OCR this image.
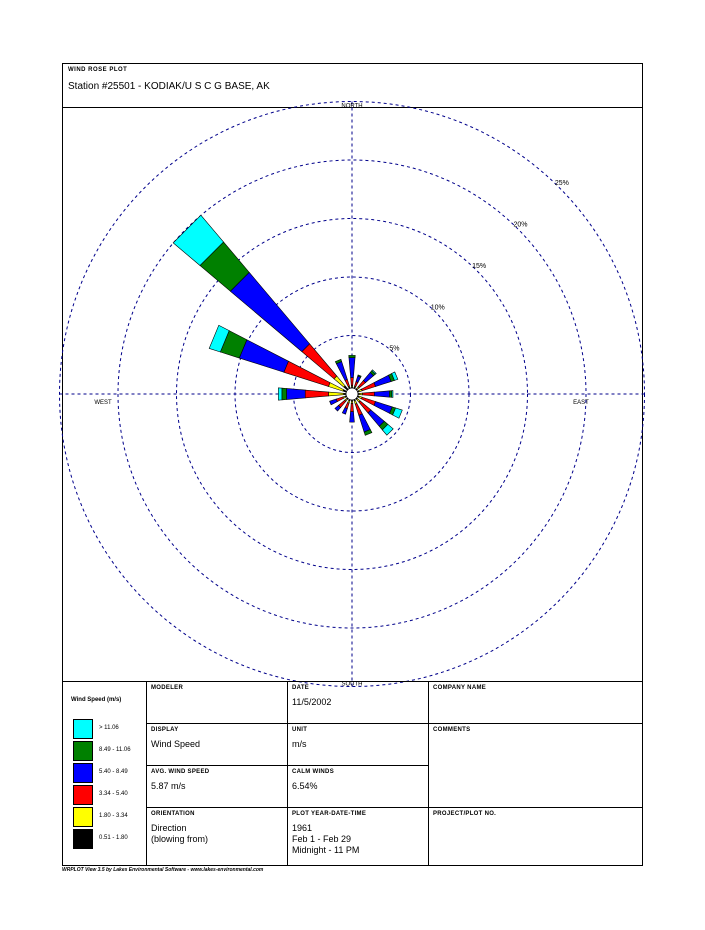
WIND ROSE PLOT
Station #25501 - KODIAK/U S C G BASE, AK
5%
10%
15%
20%
25%
NORTH
SOUTH
EAST
WEST
Wind Speed (m/s)
> 11.06
8.49 - 11.06
5.40 - 8.49
3.34 - 5.40
1.80 - 3.34
0.51 - 1.80
MODELER	DATE
11/5/2002
COMPANY NAME
DISPLAY
Wind Speed
UNIT
m/s
COMMENTS
AVG. WIND SPEED
5.87 m/s
CALM WINDS
6.54%
ORIENTATION
Direction
(blowing from)
PLOT YEAR-DATE-TIME
1961
Feb 1 - Feb 29
Midnight - 11 PM
PROJECT/PLOT NO.
WRPLOT View 3.5 by Lakes Environmental Software - www.lakes-environmental.com
